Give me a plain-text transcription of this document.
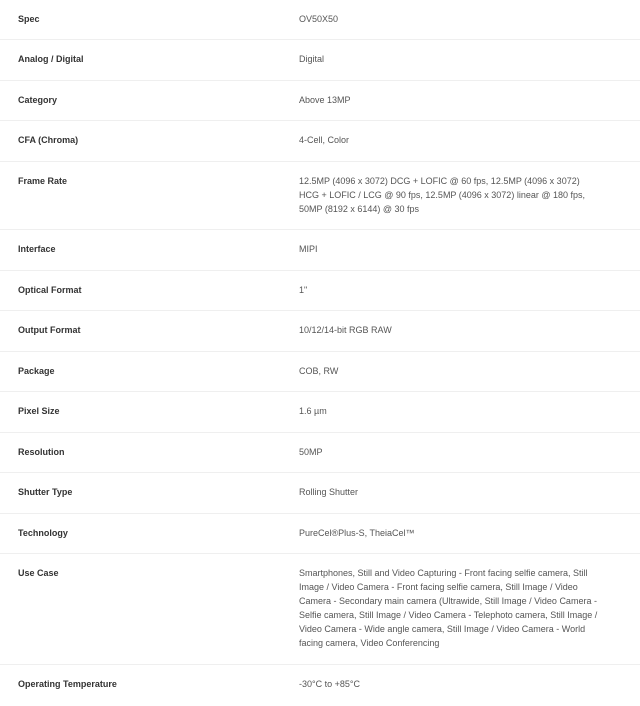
Spec	OV50X50
Analog / Digital	Digital
Category	Above 13MP
CFA (Chroma)	4-Cell, Color
Frame Rate	12.5MP (4096 x 3072) DCG + LOFIC @ 60 fps, 12.5MP (4096 x 3072) HCG + LOFIC / LCG @ 90 fps, 12.5MP (4096 x 3072) linear @ 180 fps, 50MP (8192 x 6144) @ 30 fps
Interface	MIPI
Optical Format	1"
Output Format	10/12/14-bit RGB RAW
Package	COB, RW
Pixel Size	1.6 µm
Resolution	50MP
Shutter Type	Rolling Shutter
Technology	PureCel®Plus-S, TheiaCel™
Use Case	Smartphones, Still and Video Capturing - Front facing selfie camera, Still Image / Video Camera - Front facing selfie camera, Still Image / Video Camera - Secondary main camera (Ultrawide, Still Image / Video Camera - Selfie camera, Still Image / Video Camera - Telephoto camera, Still Image / Video Camera - Wide angle camera, Still Image / Video Camera - World facing camera, Video Conferencing
Operating Temperature	-30°C to +85°C
